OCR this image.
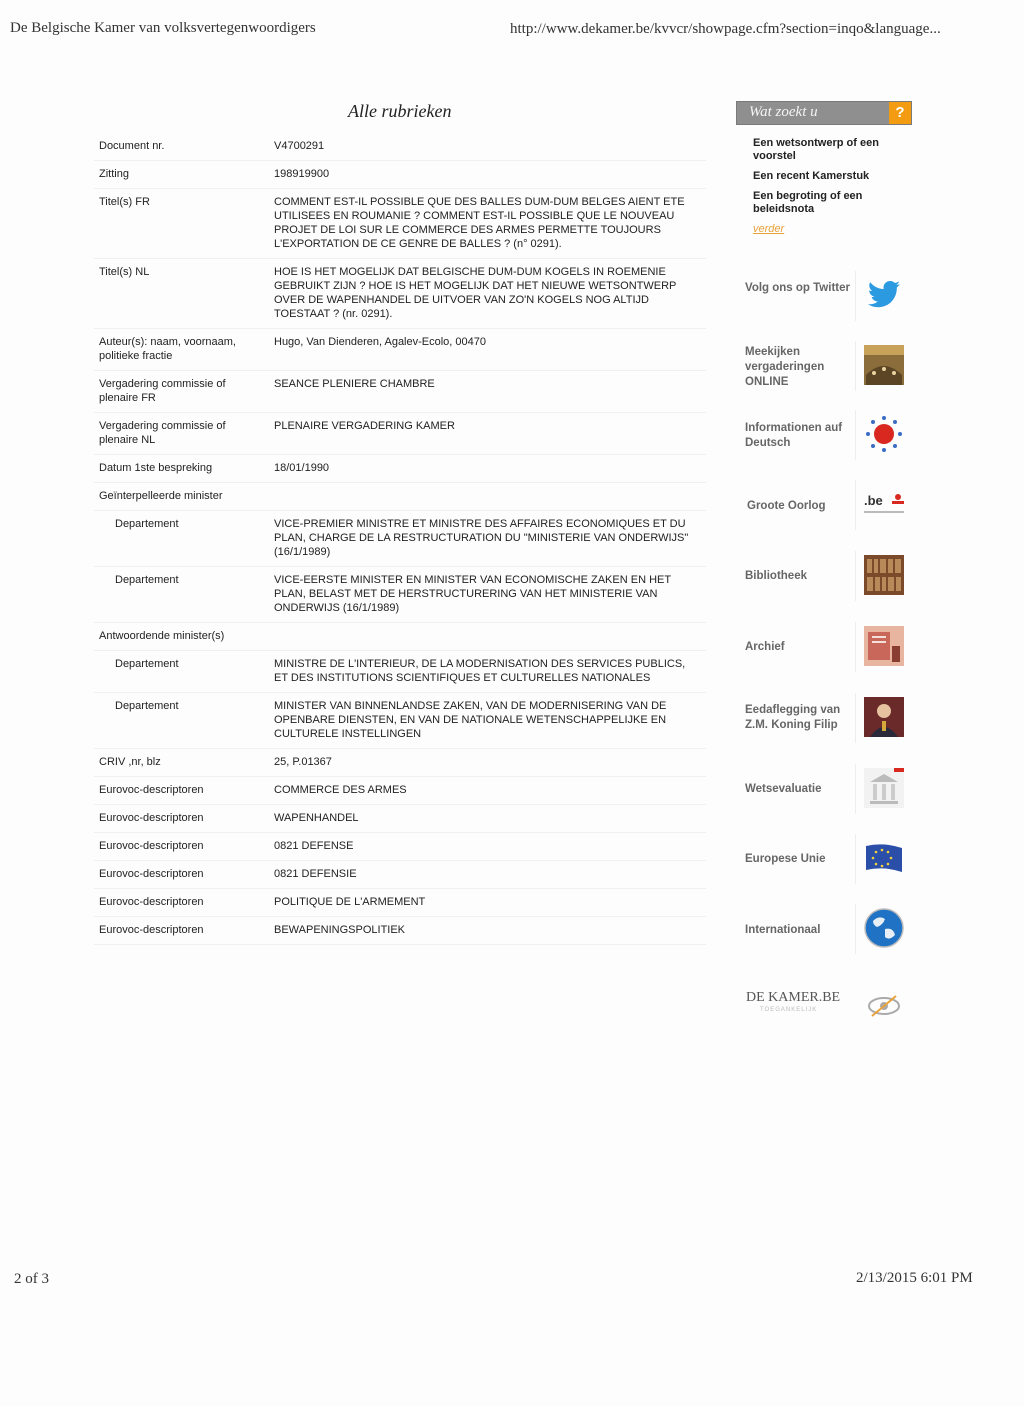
De Belgische Kamer van volksvertegenwoordigers	http://www.dekamer.be/kvvcr/showpage.cfm?section=inqo&language...
Alle rubrieken
Document nr.	V4700291
Zitting	198919900
Titel(s) FR	COMMENT EST-IL POSSIBLE QUE DES BALLES DUM-DUM BELGES AIENT ETE UTILISEES EN ROUMANIE ? COMMENT EST-IL POSSIBLE QUE LE NOUVEAU PROJET DE LOI SUR LE COMMERCE DES ARMES PERMETTE TOUJOURS L'EXPORTATION DE CE GENRE DE BALLES ? (n° 0291).
Titel(s) NL	HOE IS HET MOGELIJK DAT BELGISCHE DUM-DUM KOGELS IN ROEMENIE GEBRUIKT ZIJN ? HOE IS HET MOGELIJK DAT HET NIEUWE WETSONTWERP OVER DE WAPENHANDEL DE UITVOER VAN ZO'N KOGELS NOG ALTIJD TOESTAAT ? (nr. 0291).
Auteur(s): naam, voornaam, politieke fractie	Hugo, Van Dienderen, Agalev-Ecolo, 00470
Vergadering commissie of plenaire FR	SEANCE PLENIERE CHAMBRE
Vergadering commissie of plenaire NL	PLENAIRE VERGADERING KAMER
Datum 1ste bespreking	18/01/1990
Geïnterpelleerde minister	
Departement	VICE-PREMIER MINISTRE ET MINISTRE DES AFFAIRES ECONOMIQUES ET DU PLAN, CHARGE DE LA RESTRUCTURATION DU "MINISTERIE VAN ONDERWIJS" (16/1/1989)
Departement	VICE-EERSTE MINISTER EN MINISTER VAN ECONOMISCHE ZAKEN EN HET PLAN, BELAST MET DE HERSTRUCTURERING VAN HET MINISTERIE VAN ONDERWIJS (16/1/1989)
Antwoordende minister(s)	
Departement	MINISTRE DE L'INTERIEUR, DE LA MODERNISATION DES SERVICES PUBLICS, ET DES INSTITUTIONS SCIENTIFIQUES ET CULTURELLES NATIONALES
Departement	MINISTER VAN BINNENLANDSE ZAKEN, VAN DE MODERNISERING VAN DE OPENBARE DIENSTEN, EN VAN DE NATIONALE WETENSCHAPPELIJKE EN CULTURELE INSTELLINGEN
CRIV ,nr, blz	25, P.01367
Eurovoc-descriptoren	COMMERCE DES ARMES
Eurovoc-descriptoren	WAPENHANDEL
Eurovoc-descriptoren	0821 DEFENSE
Eurovoc-descriptoren	0821 DEFENSIE
Eurovoc-descriptoren	POLITIQUE DE L'ARMEMENT
Eurovoc-descriptoren	BEWAPENINGSPOLITIEK
Wat zoekt u	?
Een wetsontwerp of een voorstel
Een recent Kamerstuk
Een begroting of een beleidsnota
verder
Volg ons op Twitter
Meekijken vergaderingen ONLINE
Informationen auf Deutsch
Groote Oorlog	.be
Bibliotheek
Archief
Eedaflegging van Z.M. Koning Filip
Wetsevaluatie
Europese Unie
Internationaal
DE KAMER.BE
TOEGANKELIJK
2 of 3	2/13/2015 6:01 PM
